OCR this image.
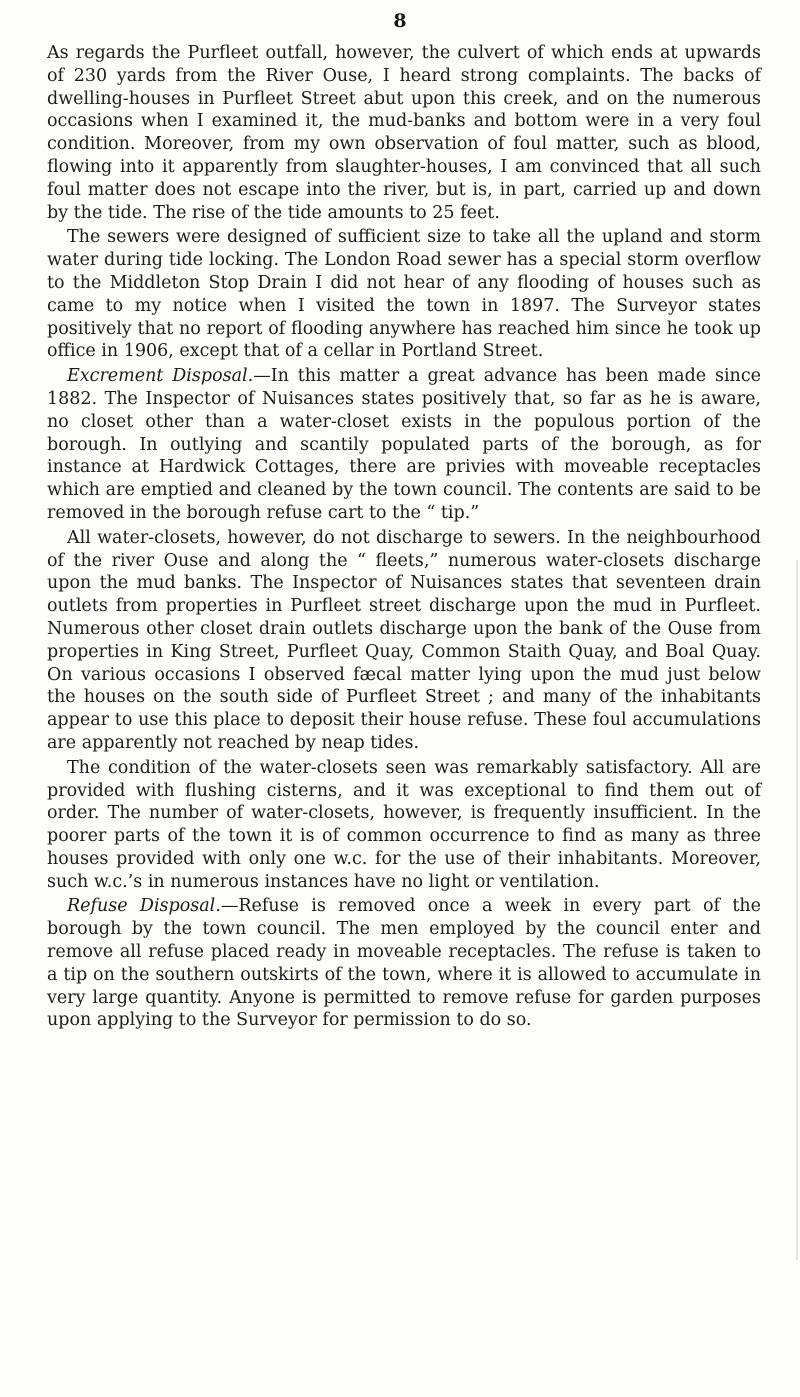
8

As regards the Purfleet outfall, however, the culvert of which ends at upwards of 230 yards from the River Ouse, I heard strong complaints. The backs of dwelling-houses in Purfleet Street abut upon this creek, and on the numerous occasions when I examined it, the mud-banks and bottom were in a very foul condition. Moreover, from my own observation of foul matter, such as blood, flowing into it apparently from slaughter-houses, I am convinced that all such foul matter does not escape into the river, but is, in part, carried up and down by the tide. The rise of the tide amounts to 25 feet.

The sewers were designed of sufficient size to take all the upland and storm water during tide locking. The London Road sewer has a special storm overflow to the Middleton Stop Drain I did not hear of any flooding of houses such as came to my notice when I visited the town in 1897. The Surveyor states positively that no report of flooding anywhere has reached him since he took up office in 1906, except that of a cellar in Portland Street.

Excrement Disposal.—In this matter a great advance has been made since 1882. The Inspector of Nuisances states positively that, so far as he is aware, no closet other than a water-closet exists in the populous portion of the borough. In outlying and scantily populated parts of the borough, as for instance at Hardwick Cottages, there are privies with moveable receptacles which are emptied and cleaned by the town council. The contents are said to be removed in the borough refuse cart to the “ tip.”

All water-closets, however, do not discharge to sewers. In the neighbourhood of the river Ouse and along the “ fleets,” numerous water-closets discharge upon the mud banks. The Inspector of Nuisances states that seventeen drain outlets from properties in Purfleet street discharge upon the mud in Purfleet. Numerous other closet drain outlets discharge upon the bank of the Ouse from properties in King Street, Purfleet Quay, Common Staith Quay, and Boal Quay. On various occasions I observed fæcal matter lying upon the mud just below the houses on the south side of Purfleet Street ; and many of the inhabitants appear to use this place to deposit their house refuse. These foul accumulations are apparently not reached by neap tides.

The condition of the water-closets seen was remarkably satisfactory. All are provided with flushing cisterns, and it was exceptional to find them out of order. The number of water-closets, however, is frequently insufficient. In the poorer parts of the town it is of common occurrence to find as many as three houses provided with only one w.c. for the use of their inhabitants. Moreover, such w.c.’s in numerous instances have no light or ventilation.

Refuse Disposal.—Refuse is removed once a week in every part of the borough by the town council. The men employed by the council enter and remove all refuse placed ready in moveable receptacles. The refuse is taken to a tip on the southern outskirts of the town, where it is allowed to accumulate in very large quantity. Anyone is permitted to remove refuse for garden purposes upon applying to the Surveyor for permission to do so.
